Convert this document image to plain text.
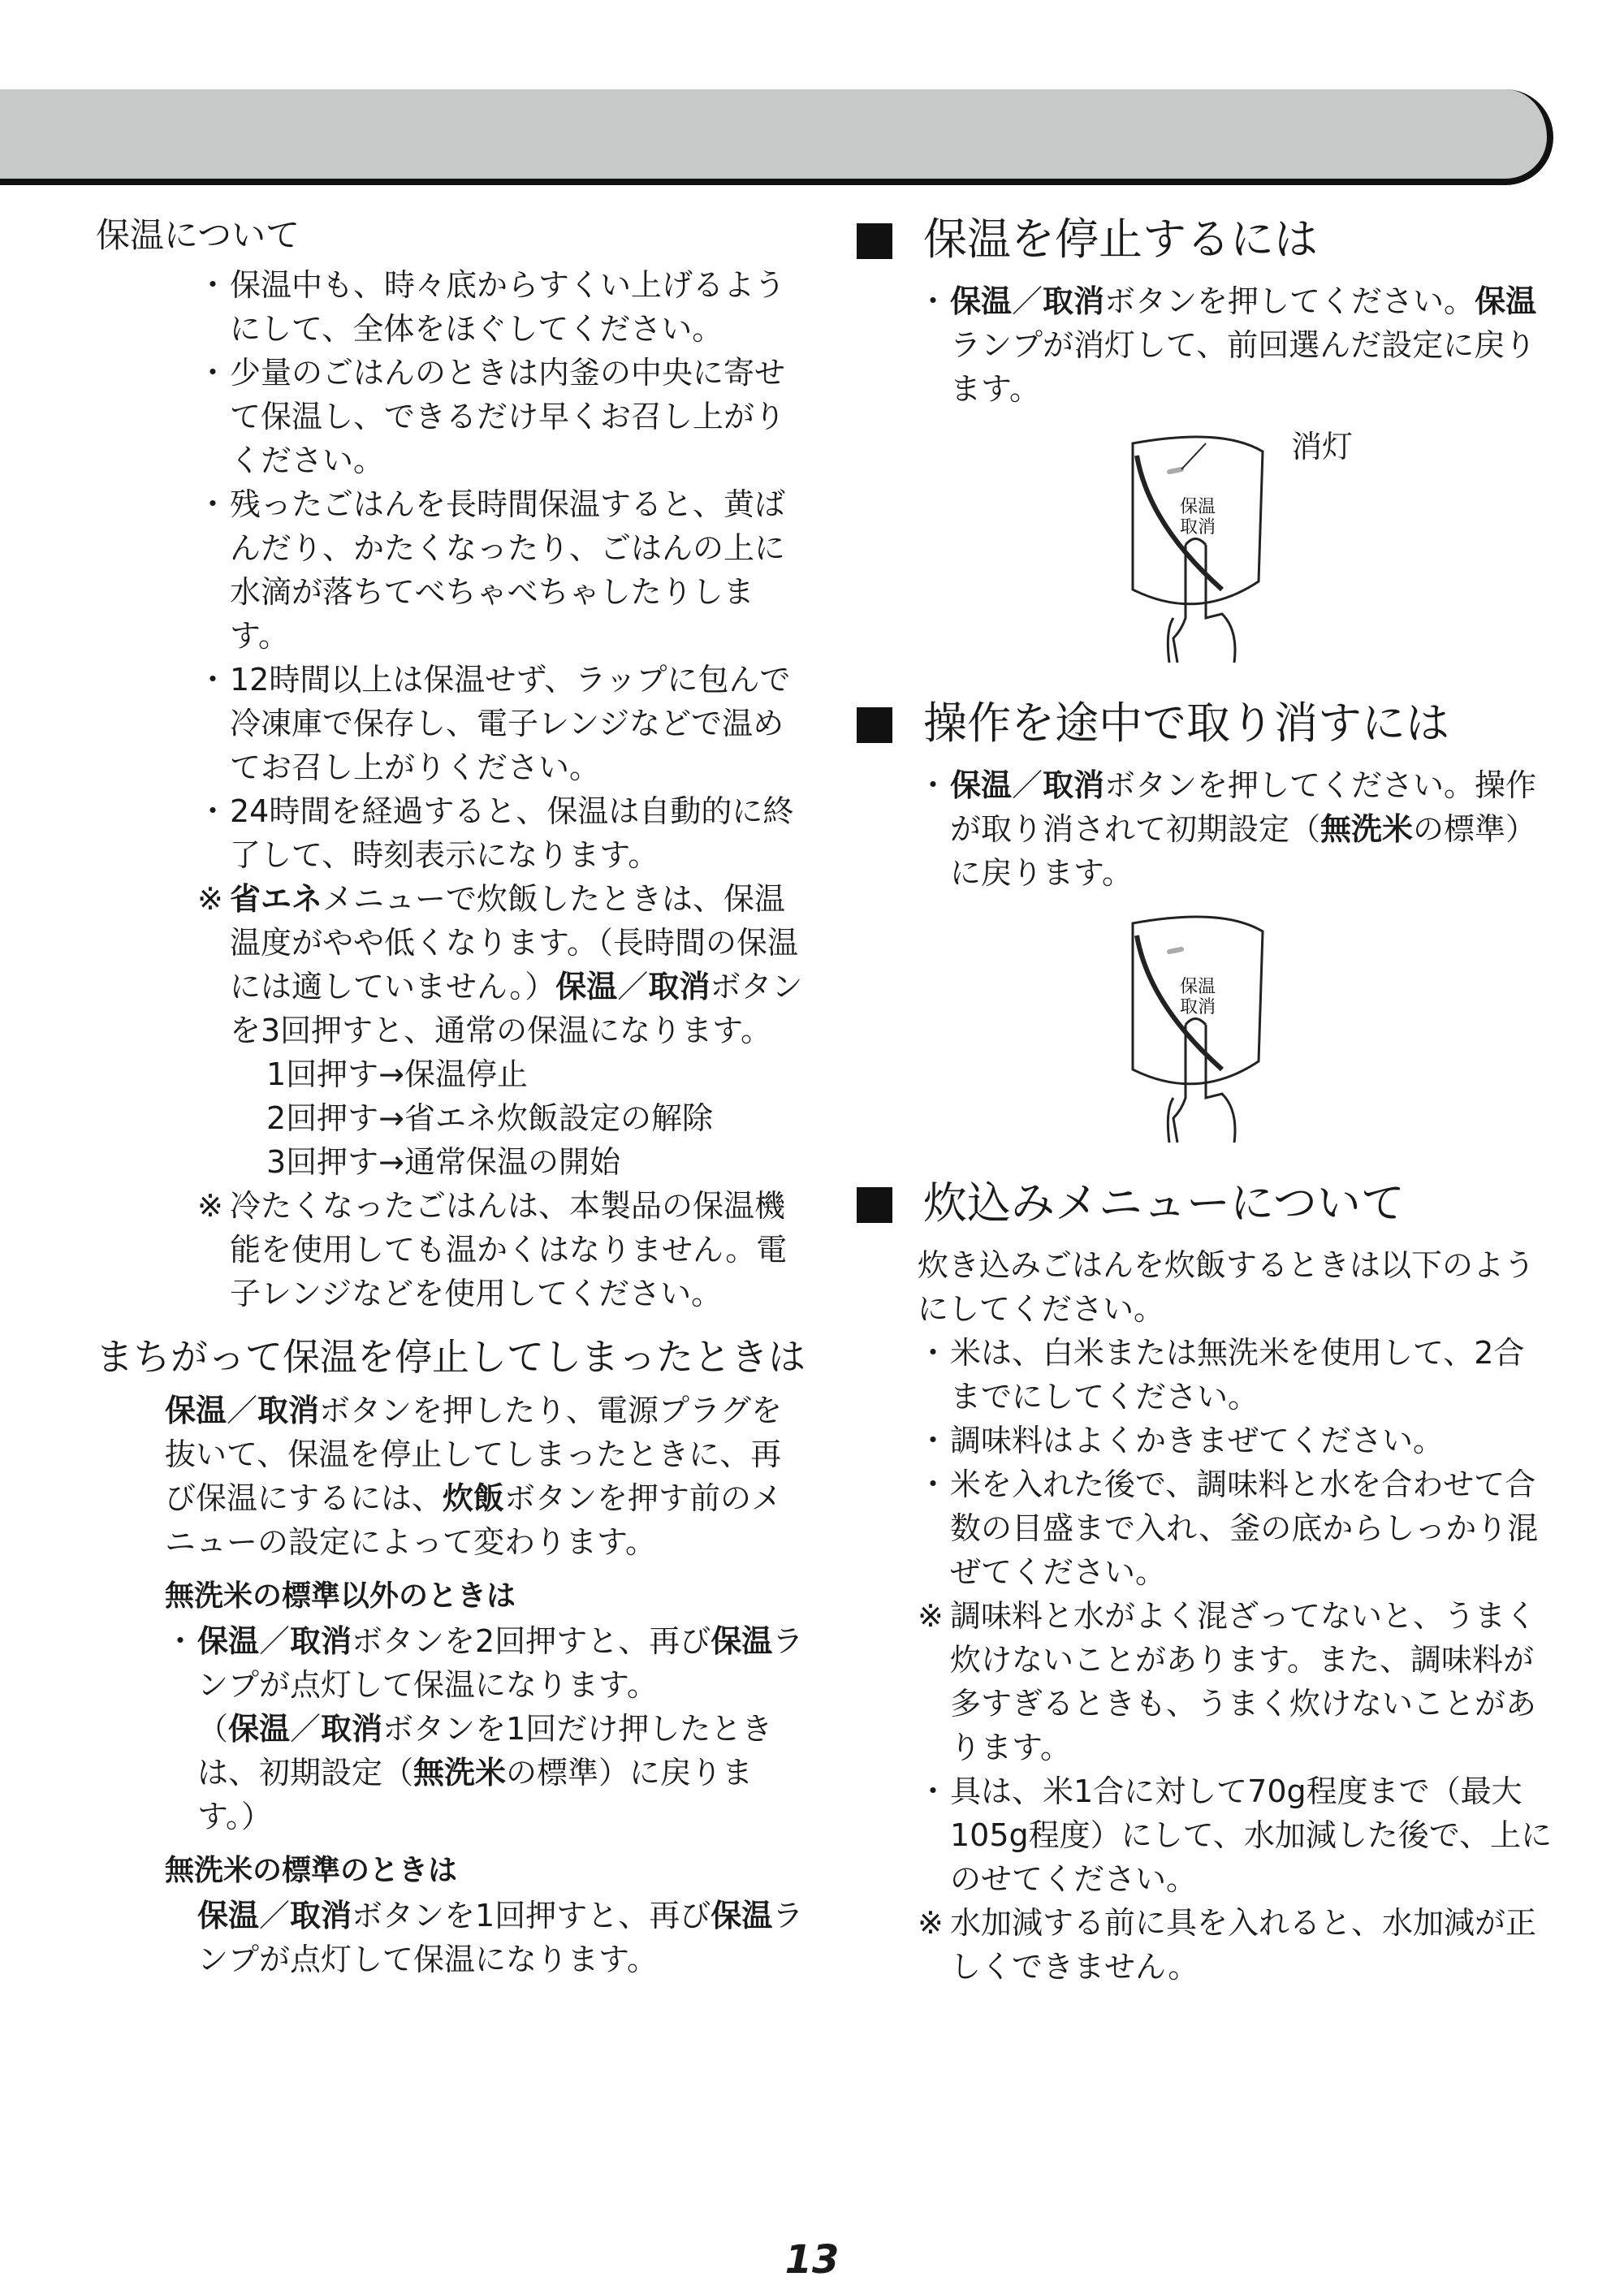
保温について
・ 保温中も、時々底からすくい上げるようにして、全体をほぐしてください。
・ 少量のごはんのときは内釜の中央に寄せて保温し、できるだけ早くお召し上がりください。
・ 残ったごはんを長時間保温すると、黄ばんだり、かたくなったり、ごはんの上に水滴が落ちてべちゃべちゃしたりします。
・ 12時間以上は保温せず、ラップに包んで冷凍庫で保存し、電子レンジなどで温めてお召し上がりください。
・ 24時間を経過すると、保温は自動的に終了して、時刻表示になります。
※ 省エネメニューで炊飯したときは、保温温度がやや低くなります。（長時間の保温には適していません。）保温／取消ボタンを3回押すと、通常の保温になります。
1回押す→保温停止
2回押す→省エネ炊飯設定の解除
3回押す→通常保温の開始
※ 冷たくなったごはんは、本製品の保温機能を使用しても温かくはなりません。電子レンジなどを使用してください。
まちがって保温を停止してしまったときは
保温／取消ボタンを押したり、電源プラグを抜いて、保温を停止してしまったときに、再び保温にするには、炊飯ボタンを押す前のメニューの設定によって変わります。
無洗米の標準以外のときは
・ 保温／取消ボタンを2回押すと、再び保温ランプが点灯して保温になります。
（保温／取消ボタンを1回だけ押したときは、初期設定（無洗米の標準）に戻ります。）
無洗米の標準のときは
保温／取消ボタンを1回押すと、再び保温ランプが点灯して保温になります。
保温を停止するには
・ 保温／取消ボタンを押してください。保温ランプが消灯して、前回選んだ設定に戻ります。
保温
取消
消灯
操作を途中で取り消すには
・ 保温／取消ボタンを押してください。操作が取り消されて初期設定（無洗米の標準）に戻ります。
保温
取消
炊込みメニューについて
炊き込みごはんを炊飯するときは以下のようにしてください。
・ 米は、白米または無洗米を使用して、2合までにしてください。
・ 調味料はよくかきまぜてください。
・ 米を入れた後で、調味料と水を合わせて合数の目盛まで入れ、釜の底からしっかり混ぜてください。
※ 調味料と水がよく混ざってないと、うまく炊けないことがあります。また、調味料が多すぎるときも、うまく炊けないことがあります。
・ 具は、米1合に対して70g程度まで（最大105g程度）にして、水加減した後で、上にのせてください。
※ 水加減する前に具を入れると、水加減が正しくできません。
13
